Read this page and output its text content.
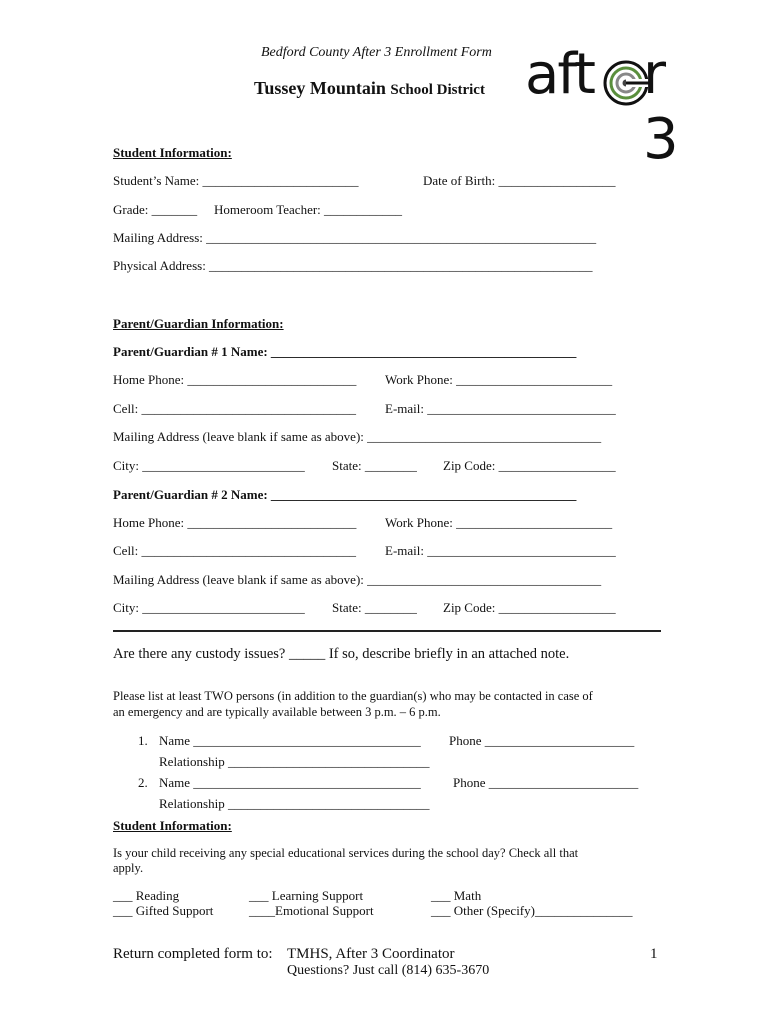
Bedford County After 3 Enrollment Form
Tussey Mountain School District aft r 3
Student Information:
Student’s Name: ________________________	Date of Birth: __________________
Grade: _______ Homeroom Teacher: ____________
Mailing Address: ____________________________________________________________
Physical Address: ___________________________________________________________
Parent/Guardian Information:
Parent/Guardian # 1 Name: _______________________________________________
Home Phone: __________________________ Work Phone: ________________________
Cell: _________________________________ E-mail: _____________________________
Mailing Address (leave blank if same as above): ____________________________________
City: _________________________ State: ________ Zip Code: __________________
Parent/Guardian # 2 Name: _______________________________________________
Home Phone: __________________________ Work Phone: ________________________
Cell: _________________________________ E-mail: _____________________________
Mailing Address (leave blank if same as above): ____________________________________
City: _________________________ State: ________ Zip Code: __________________
Are there any custody issues? _____ If so, describe briefly in an attached note.
Please list at least TWO persons (in addition to the guardian(s) who may be contacted in case of
an emergency and are typically available between 3 p.m. – 6 p.m.
1. Name ___________________________________ Phone _______________________
Relationship _______________________________
2. Name ___________________________________ Phone _______________________
Relationship _______________________________
Student Information:
Is your child receiving any special educational services during the school day? Check all that
apply.
___ Reading
___ Gifted Support
___ Learning Support
____Emotional Support
___ Math
___ Other (Specify)_______________
Return completed form to: TMHS, After 3 Coordinator
Questions? Just call (814) 635-3670
1
